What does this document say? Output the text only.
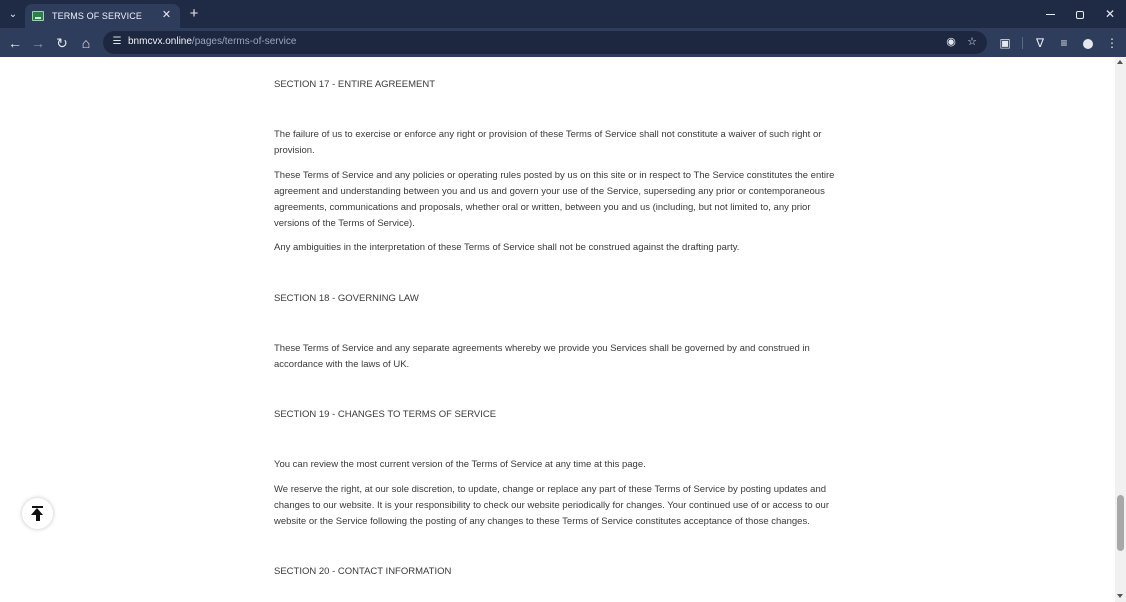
⌄	TERMS OF SERVICE ✕	+	✕
← → ↻ ⌂	☰ bnmcvx.online/pages/terms-of-service	◉ ☆ ▣	∇	≡	⋮

SECTION 17 - ENTIRE AGREEMENT

The failure of us to exercise or enforce any right or provision of these Terms of Service shall not constitute a waiver of such right or provision.

These Terms of Service and any policies or operating rules posted by us on this site or in respect to The Service constitutes the entire agreement and understanding between you and us and govern your use of the Service, superseding any prior or contemporaneous agreements, communications and proposals, whether oral or written, between you and us (including, but not limited to, any prior versions of the Terms of Service).

Any ambiguities in the interpretation of these Terms of Service shall not be construed against the drafting party.

SECTION 18 - GOVERNING LAW

These Terms of Service and any separate agreements whereby we provide you Services shall be governed by and construed in accordance with the laws of UK.

SECTION 19 - CHANGES TO TERMS OF SERVICE

You can review the most current version of the Terms of Service at any time at this page.

We reserve the right, at our sole discretion, to update, change or replace any part of these Terms of Service by posting updates and changes to our website. It is your responsibility to check our website periodically for changes. Your continued use of or access to our website or the Service following the posting of any changes to these Terms of Service constitutes acceptance of those changes.

SECTION 20 - CONTACT INFORMATION
